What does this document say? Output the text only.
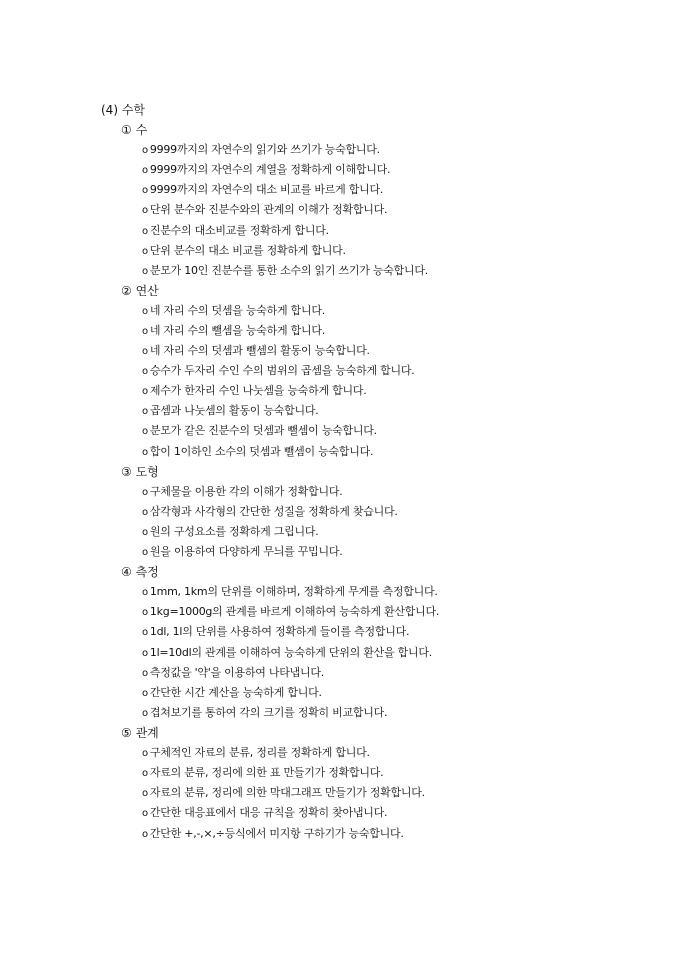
(4) 수학
① 수
o 9999까지의 자연수의 읽기와 쓰기가 능숙합니다.
o 9999까지의 자연수의 계열을 정확하게 이해합니다.
o 9999까지의 자연수의 대소 비교를 바르게 합니다.
o 단위 분수와 진분수와의 관계의 이해가 정확합니다.
o 진분수의 대소비교를 정확하게 합니다.
o 단위 분수의 대소 비교를 정확하게 합니다.
o 분모가 10인 진분수를 통한 소수의 읽기 쓰기가 능숙합니다.
② 연산
o 네 자리 수의 덧셈을 능숙하게 합니다.
o 네 자리 수의 뺄셈을 능숙하게 합니다.
o 네 자리 수의 덧셈과 뺄셈의 활동이 능숙합니다.
o 승수가 두자리 수인 수의 범위의 곱셈을 능숙하게 합니다.
o 제수가 한자리 수인 나눗셈을 능숙하게 합니다.
o 곱셈과 나눗셈의 활동이 능숙합니다.
o 분모가 같은 진분수의 덧셈과 뺄셈이 능숙합니다.
o 합이 1이하인 소수의 덧셈과 뺄셈이 능숙합니다.
③ 도형
o 구체물을 이용한 각의 이해가 정확합니다.
o 삼각형과 사각형의 간단한 성질을 정확하게 찾습니다.
o 원의 구성요소를 정확하게 그립니다.
o 원을 이용하여 다양하게 무늬를 꾸밉니다.
④ 측정
o 1mm, 1km의 단위를 이해하며, 정확하게 무게를 측정합니다.
o 1kg=1000g의 관계를 바르게 이해하여 능숙하게 환산합니다.
o 1dl, 1l의 단위를 사용하여 정확하게 들이를 측정합니다.
o 1l=10dl의 관계를 이해하여 능숙하게 단위의 환산을 합니다.
o 측정값을 '약'을 이용하여 나타냅니다.
o 간단한 시간 계산을 능숙하게 합니다.
o 겹쳐보기를 통하여 각의 크기를 정확히 비교합니다.
⑤ 관계
o 구체적인 자료의 분류, 정리를 정확하게 합니다.
o 자료의 분류, 정리에 의한 표 만들기가 정확합니다.
o 자료의 분류, 정리에 의한 막대그래프 만들기가 정확합니다.
o 간단한 대응표에서 대응 규칙을 정확히 찾아냅니다.
o 간단한 +,-,×,÷등식에서 미지항 구하기가 능숙합니다.
